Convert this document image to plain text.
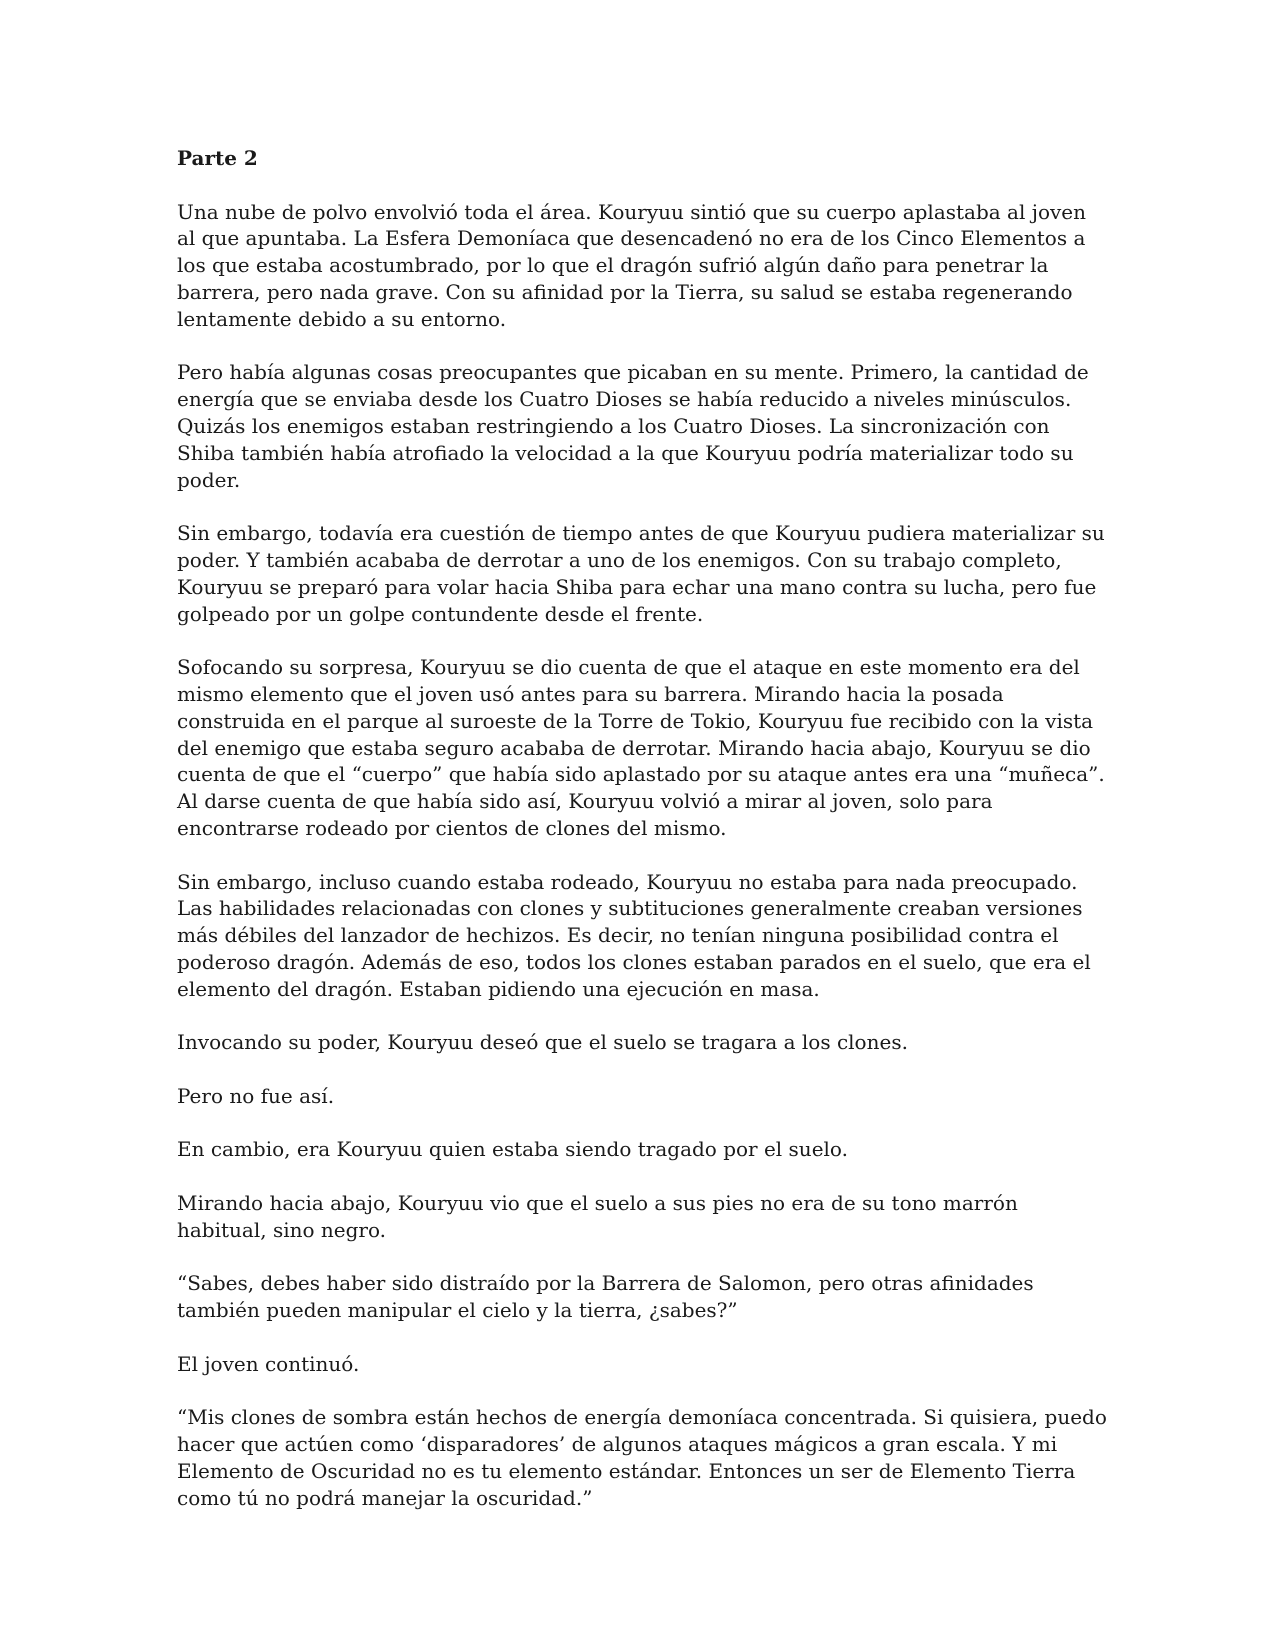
Parte 2

Una nube de polvo envolvió toda el área. Kouryuu sintió que su cuerpo aplastaba al joven al que apuntaba. La Esfera Demoníaca que desencadenó no era de los Cinco Elementos a los que estaba acostumbrado, por lo que el dragón sufrió algún daño para penetrar la barrera, pero nada grave. Con su afinidad por la Tierra, su salud se estaba regenerando lentamente debido a su entorno.

Pero había algunas cosas preocupantes que picaban en su mente. Primero, la cantidad de energía que se enviaba desde los Cuatro Dioses se había reducido a niveles minúsculos. Quizás los enemigos estaban restringiendo a los Cuatro Dioses. La sincronización con Shiba también había atrofiado la velocidad a la que Kouryuu podría materializar todo su poder.

Sin embargo, todavía era cuestión de tiempo antes de que Kouryuu pudiera materializar su poder. Y también acababa de derrotar a uno de los enemigos. Con su trabajo completo, Kouryuu se preparó para volar hacia Shiba para echar una mano contra su lucha, pero fue golpeado por un golpe contundente desde el frente.

Sofocando su sorpresa, Kouryuu se dio cuenta de que el ataque en este momento era del mismo elemento que el joven usó antes para su barrera. Mirando hacia la posada construida en el parque al suroeste de la Torre de Tokio, Kouryuu fue recibido con la vista del enemigo que estaba seguro acababa de derrotar. Mirando hacia abajo, Kouryuu se dio cuenta de que el “cuerpo” que había sido aplastado por su ataque antes era una “muñeca”. Al darse cuenta de que había sido así, Kouryuu volvió a mirar al joven, solo para encontrarse rodeado por cientos de clones del mismo.

Sin embargo, incluso cuando estaba rodeado, Kouryuu no estaba para nada preocupado. Las habilidades relacionadas con clones y subtituciones generalmente creaban versiones más débiles del lanzador de hechizos. Es decir, no tenían ninguna posibilidad contra el poderoso dragón. Además de eso, todos los clones estaban parados en el suelo, que era el elemento del dragón. Estaban pidiendo una ejecución en masa.

Invocando su poder, Kouryuu deseó que el suelo se tragara a los clones.

Pero no fue así.

En cambio, era Kouryuu quien estaba siendo tragado por el suelo.

Mirando hacia abajo, Kouryuu vio que el suelo a sus pies no era de su tono marrón habitual, sino negro.

“Sabes, debes haber sido distraído por la Barrera de Salomon, pero otras afinidades también pueden manipular el cielo y la tierra, ¿sabes?”

El joven continuó.

“Mis clones de sombra están hechos de energía demoníaca concentrada. Si quisiera, puedo hacer que actúen como ‘disparadores’ de algunos ataques mágicos a gran escala. Y mi Elemento de Oscuridad no es tu elemento estándar. Entonces un ser de Elemento Tierra como tú no podrá manejar la oscuridad.”
